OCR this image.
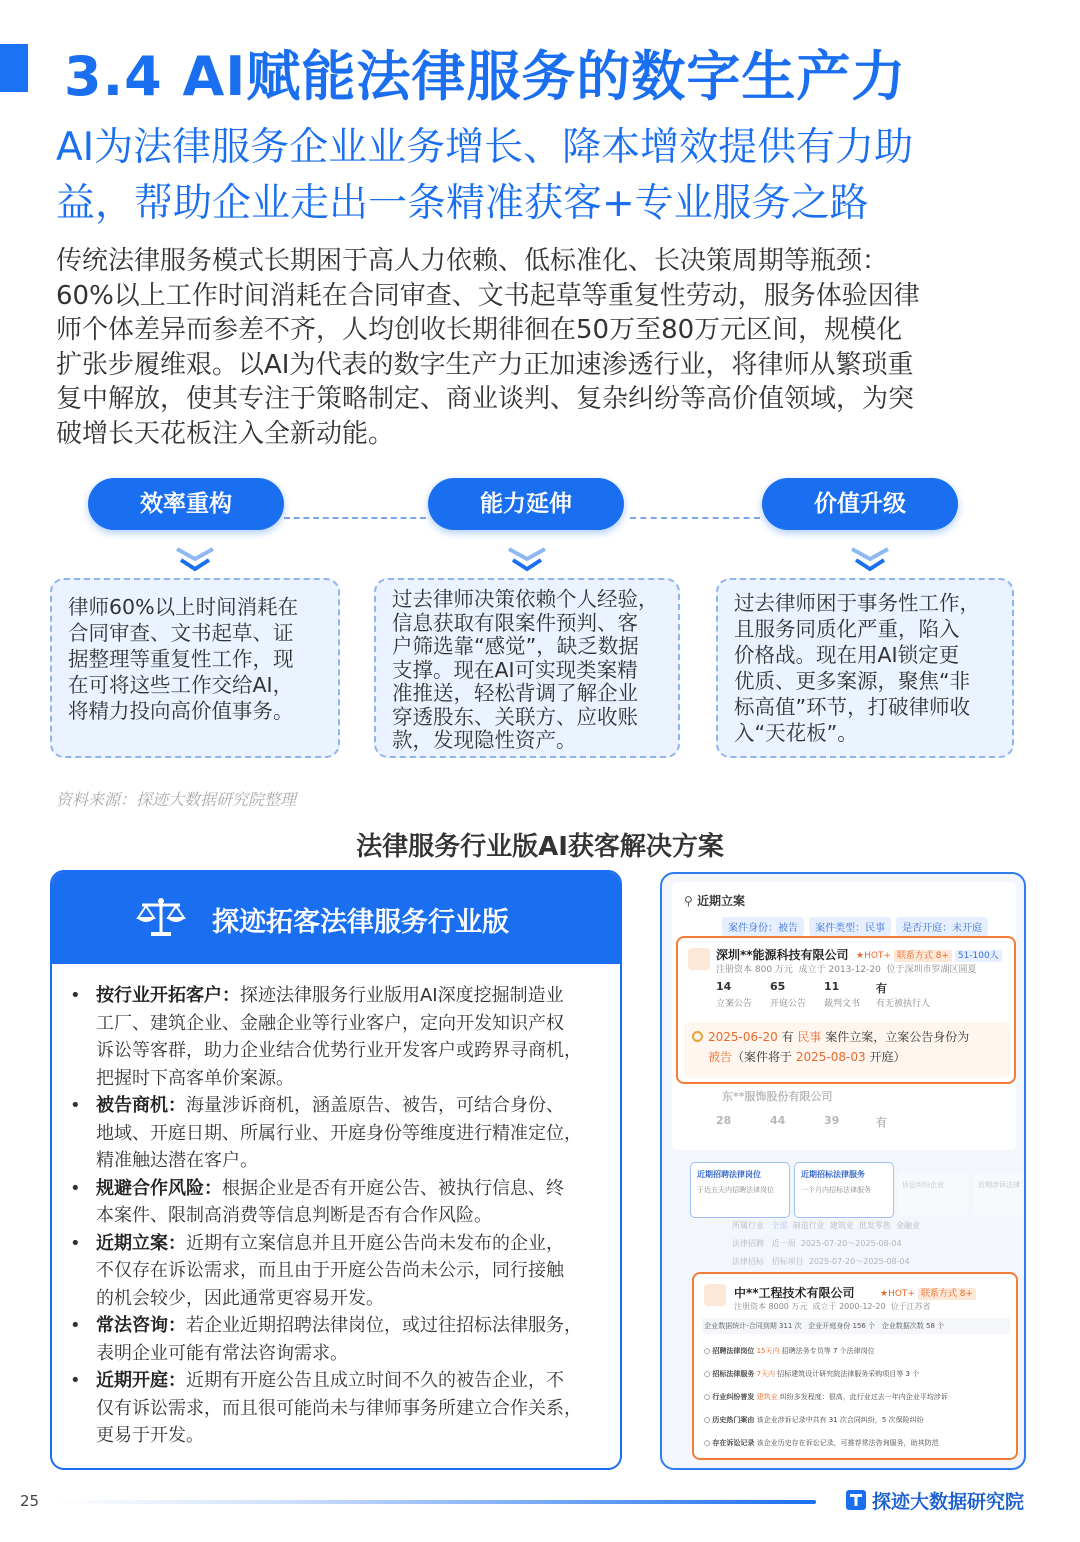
3.4 AI赋能法律服务的数字生产力
AI为法律服务企业业务增长、降本增效提供有力助
益，帮助企业走出一条精准获客+专业服务之路
传统法律服务模式长期困于高人力依赖、低标准化、长决策周期等瓶颈：
60%以上工作时间消耗在合同审查、文书起草等重复性劳动，服务体验因律
师个体差异而参差不齐，人均创收长期徘徊在50万至80万元区间，规模化
扩张步履维艰。以AI为代表的数字生产力正加速渗透行业，将律师从繁琐重
复中解放，使其专注于策略制定、商业谈判、复杂纠纷等高价值领域，为突
破增长天花板注入全新动能。
效率重构	能力延伸	价值升级
律师60%以上时间消耗在
合同审查、文书起草、证
据整理等重复性工作，现
在可将这些工作交给AI，
将精力投向高价值事务。
过去律师决策依赖个人经验，
信息获取有限案件预判、客
户筛选靠“感觉”，缺乏数据
支撑。现在AI可实现类案精
准推送，轻松背调了解企业
穿透股东、关联方、应收账
款，发现隐性资产。
过去律师困于事务性工作，
且服务同质化严重，陷入
价格战。现在用AI锁定更
优质、更多案源，聚焦“非
标高值”环节，打破律师收
入“天花板”。
资料来源：探迹大数据研究院整理
法律服务行业版AI获客解决方案
探迹拓客法律服务行业版
• 按行业开拓客户：探迹法律服务行业版用AI深度挖掘制造业
工厂、建筑企业、金融企业等行业客户，定向开发知识产权
诉讼等客群，助力企业结合优势行业开发客户或跨界寻商机，
把握时下高客单价案源。
• 被告商机：海量涉诉商机，涵盖原告、被告，可结合身份、
地域、开庭日期、所属行业、开庭身份等维度进行精准定位，
精准触达潜在客户。
• 规避合作风险：根据企业是否有开庭公告、被执行信息、终
本案件、限制高消费等信息判断是否有合作风险。
• 近期立案：近期有立案信息并且开庭公告尚未发布的企业，
不仅存在诉讼需求，而且由于开庭公告尚未公示，同行接触
的机会较少，因此通常更容易开发。
• 常法咨询：若企业近期招聘法律岗位，或过往招标法律服务，
表明企业可能有常法咨询需求。
• 近期开庭：近期有开庭公告且成立时间不久的被告企业，不
仅有诉讼需求，而且很可能尚未与律师事务所建立合作关系，
更易于开发。
⚲ 近期立案
案件身份：被告 案件类型：民事 是否开庭：未开庭
深圳**能源科技有限公司 ★HOT+ 联系方式 8+ 51-100人
注册资本 800 万元 成立于 2013-12-20 位于深圳市罗湖区圆夏
14
立案公告
65
开庭公告
11
裁判文书
有
有无被执行人
2025-06-20 有 民事 案件立案，立案公告身份为
被告（案件将于 2025-08-03 开庭）
东**服饰股份有限公司
28	44	39	有
近期招聘法律岗位
于近五天内招聘法律岗位
近期招标法律服务
一个月内招标法律服务
诉讼纠纷企业	近期涉诉法律
所属行业 全部 制造行业 建筑业 批发零售 金融业
法律招聘 近一周 2025-07-20～2025-08-04
法律招标 招标项目 2025-07-20～2025-08-04
中**工程技术有限公司	★HOT+ 联系方式 8+
注册资本 8000 万元 成立于 2000-12-20 位于江苏省
企业数据统计-合同到期 311 次 企业开庭身份 156 个 企业数据次数 58 个
○ 招聘法律岗位 15天内 招聘法务专员等 7 个法律岗位
○ 招标法律服务 7天内 招标建筑设计研究院法律服务采购项目等 3 个
○ 行业纠纷普发 建筑业 纠纷多发程度：很高，此行业过去一年内企业平均涉诉
○ 历史热门案由 该企业涉诉记录中共有 31 次合同纠纷，5 次保险纠纷
○ 存在诉讼记录 该企业历史存在诉讼记录，可推荐常法咨询服务，助其防范
25	探迹大数据研究院
